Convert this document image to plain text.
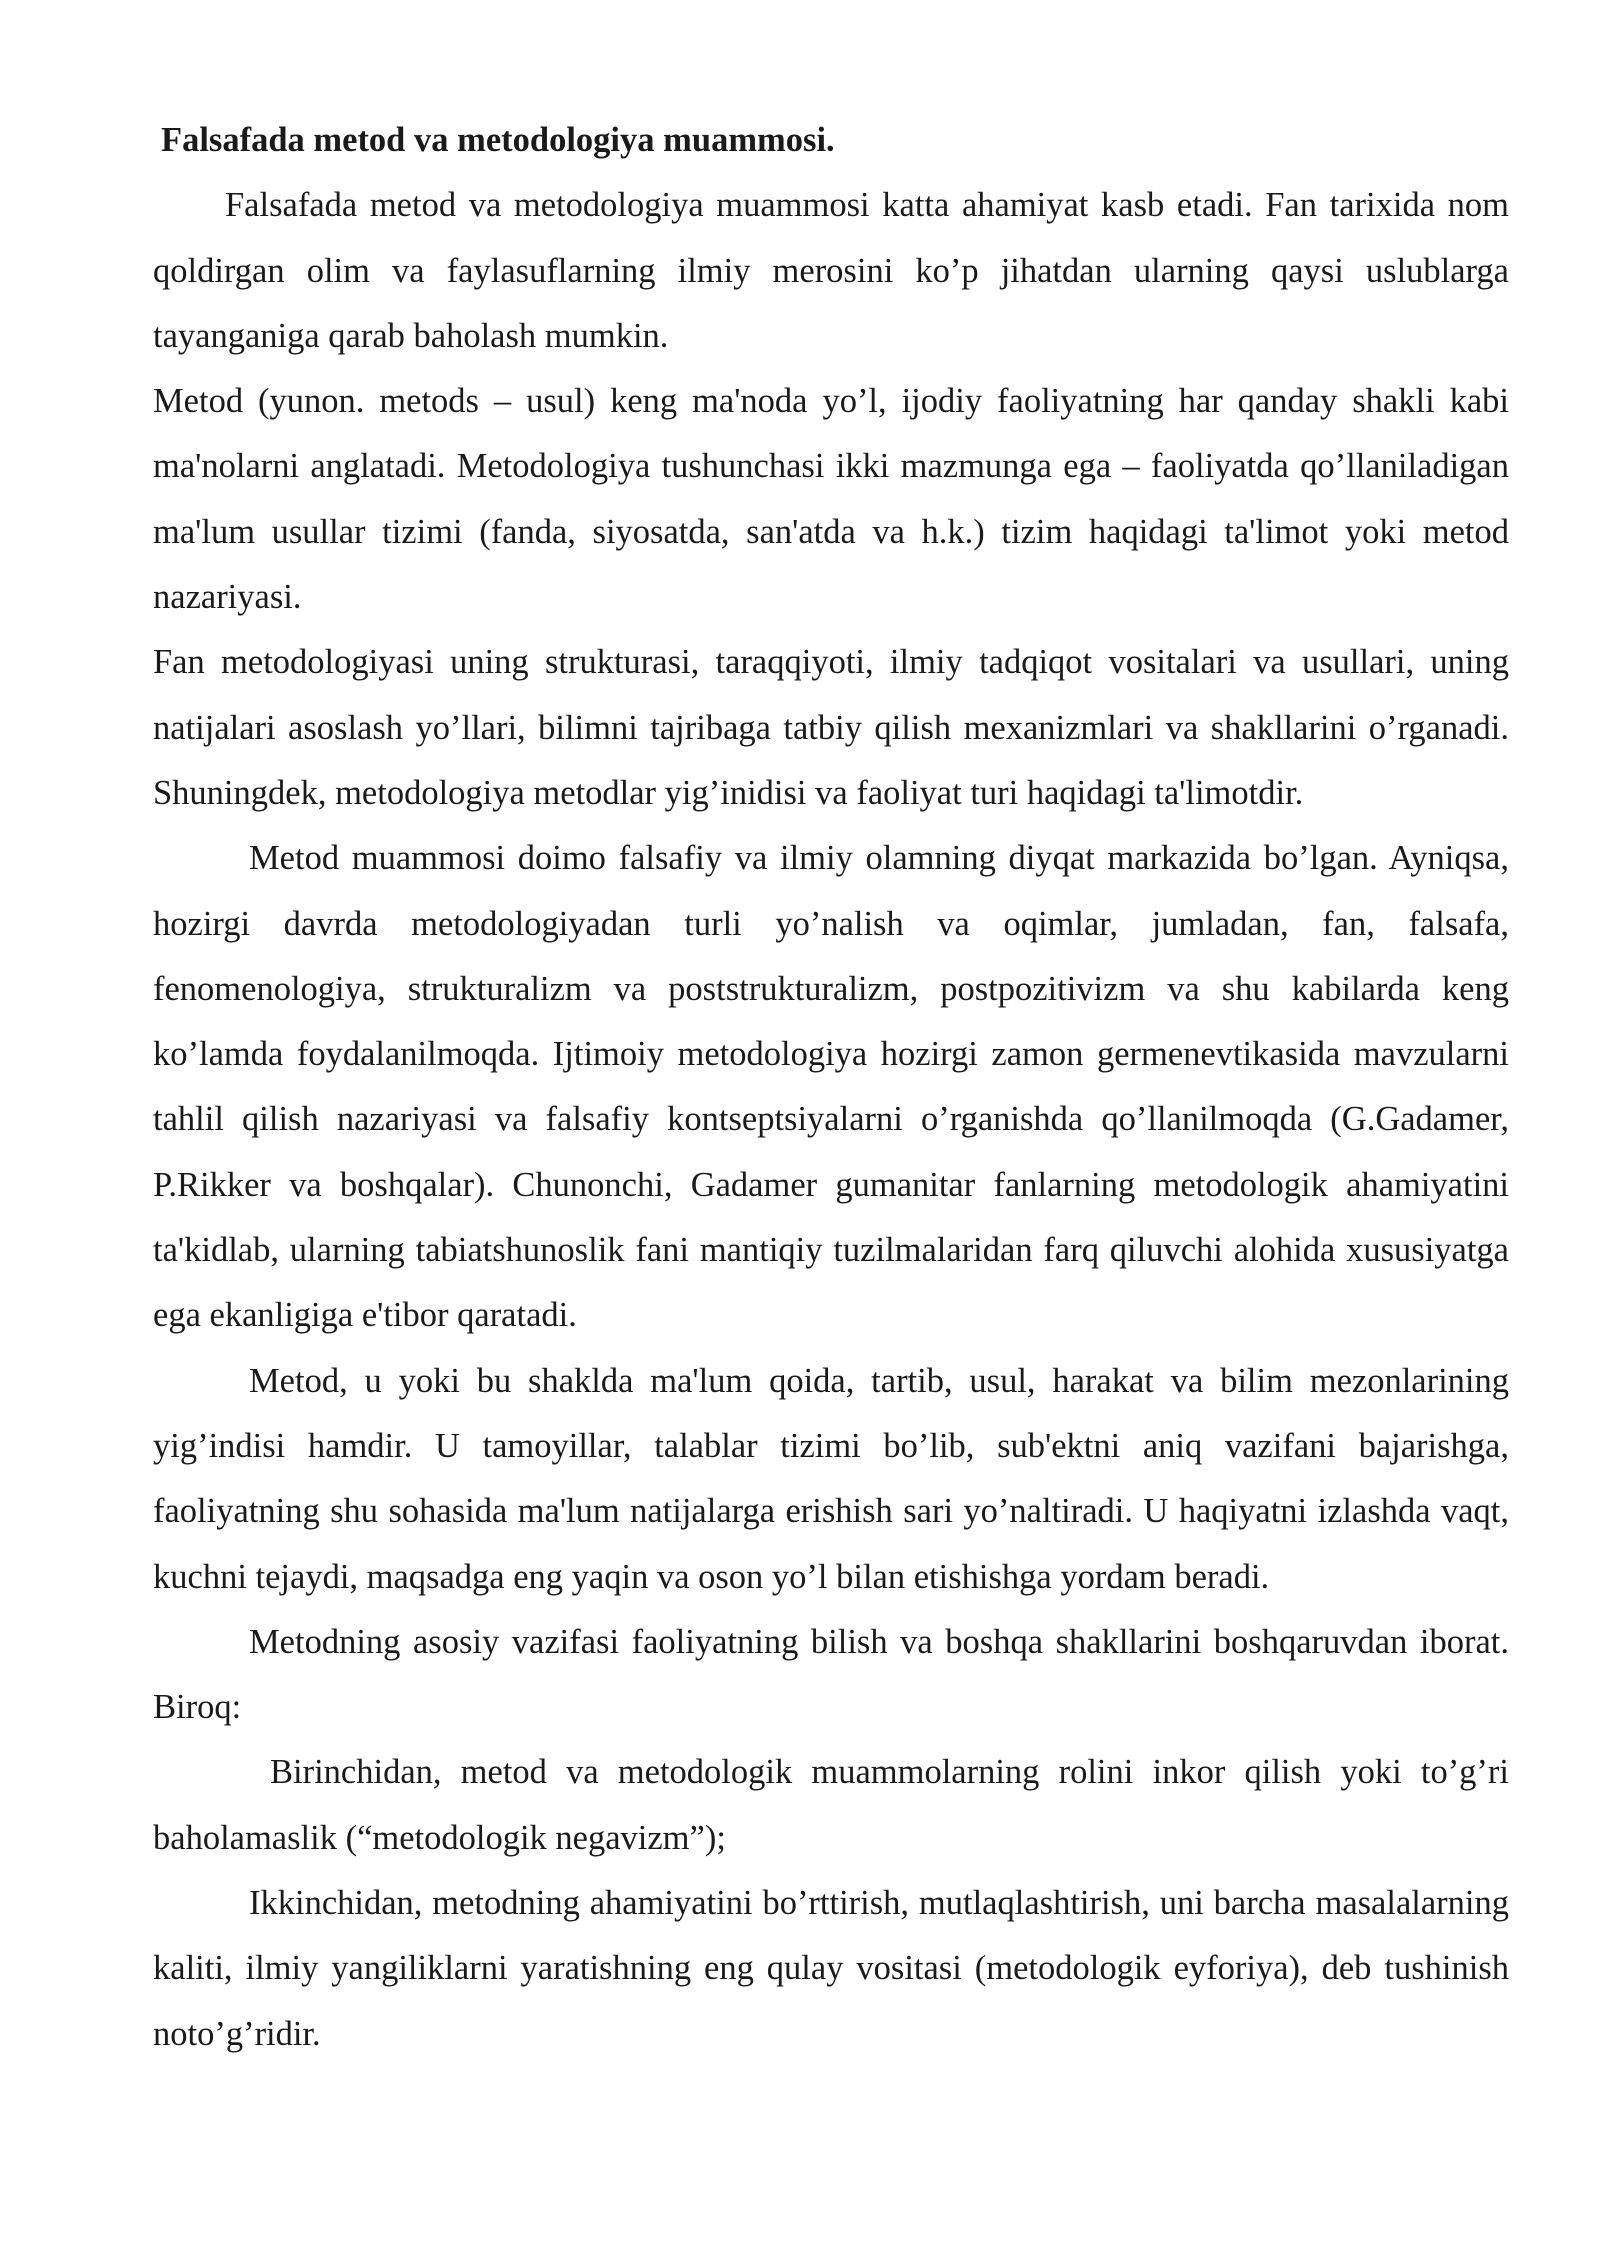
Falsafada metod va metodologiya muammosi.

Falsafada metod va metodologiya muammosi katta ahamiyat kasb etadi. Fan tarixida nom qoldirgan olim va faylasuflarning ilmiy merosini ko’p jihatdan ularning qaysi uslublarga tayanganiga qarab baholash mumkin.

Metod (yunon. metods – usul) keng ma'noda yo’l, ijodiy faoliyatning har qanday shakli kabi ma'nolarni anglatadi. Metodologiya tushunchasi ikki mazmunga ega – faoliyatda qo’llaniladigan ma'lum usullar tizimi (fanda, siyosatda, san'atda va h.k.) tizim haqidagi ta'limot yoki metod nazariyasi.

Fan metodologiyasi uning strukturasi, taraqqiyoti, ilmiy tadqiqot vositalari va usullari, uning natijalari asoslash yo’llari, bilimni tajribaga tatbiy qilish mexanizmlari va shakllarini o’rganadi. Shuningdek, metodologiya metodlar yig’inidisi va faoliyat turi haqidagi ta'limotdir.

Metod muammosi doimo falsafiy va ilmiy olamning diyqat markazida bo’lgan. Ayniqsa, hozirgi davrda metodologiyadan turli yo’nalish va oqimlar, jumladan, fan, falsafa, fenomenologiya, strukturalizm va poststrukturalizm, postpozitivizm va shu kabilarda keng ko’lamda foydalanilmoqda. Ijtimoiy metodologiya hozirgi zamon germenevtikasida mavzularni tahlil qilish nazariyasi va falsafiy kontseptsiyalarni o’rganishda qo’llanilmoqda (G.Gadamer, P.Rikker va boshqalar). Chunonchi, Gadamer gumanitar fanlarning metodologik ahamiyatini ta'kidlab, ularning tabiatshunoslik fani mantiqiy tuzilmalaridan farq qiluvchi alohida xususiyatga ega ekanligiga e'tibor qaratadi.

Metod, u yoki bu shaklda ma'lum qoida, tartib, usul, harakat va bilim mezonlarining yig’indisi hamdir. U tamoyillar, talablar tizimi bo’lib, sub'ektni aniq vazifani bajarishga, faoliyatning shu sohasida ma'lum natijalarga erishish sari yo’naltiradi. U haqiyatni izlashda vaqt, kuchni tejaydi, maqsadga eng yaqin va oson yo’l bilan etishishga yordam beradi.

Metodning asosiy vazifasi faoliyatning bilish va boshqa shakllarini boshqaruvdan iborat. Biroq:

Birinchidan, metod va metodologik muammolarning rolini inkor qilish yoki to’g’ri baholamaslik (“metodologik negavizm”);

Ikkinchidan, metodning ahamiyatini bo’rttirish, mutlaqlashtirish, uni barcha masalalarning kaliti, ilmiy yangiliklarni yaratishning eng qulay vositasi (metodologik eyforiya), deb tushinish noto’g’ridir.
